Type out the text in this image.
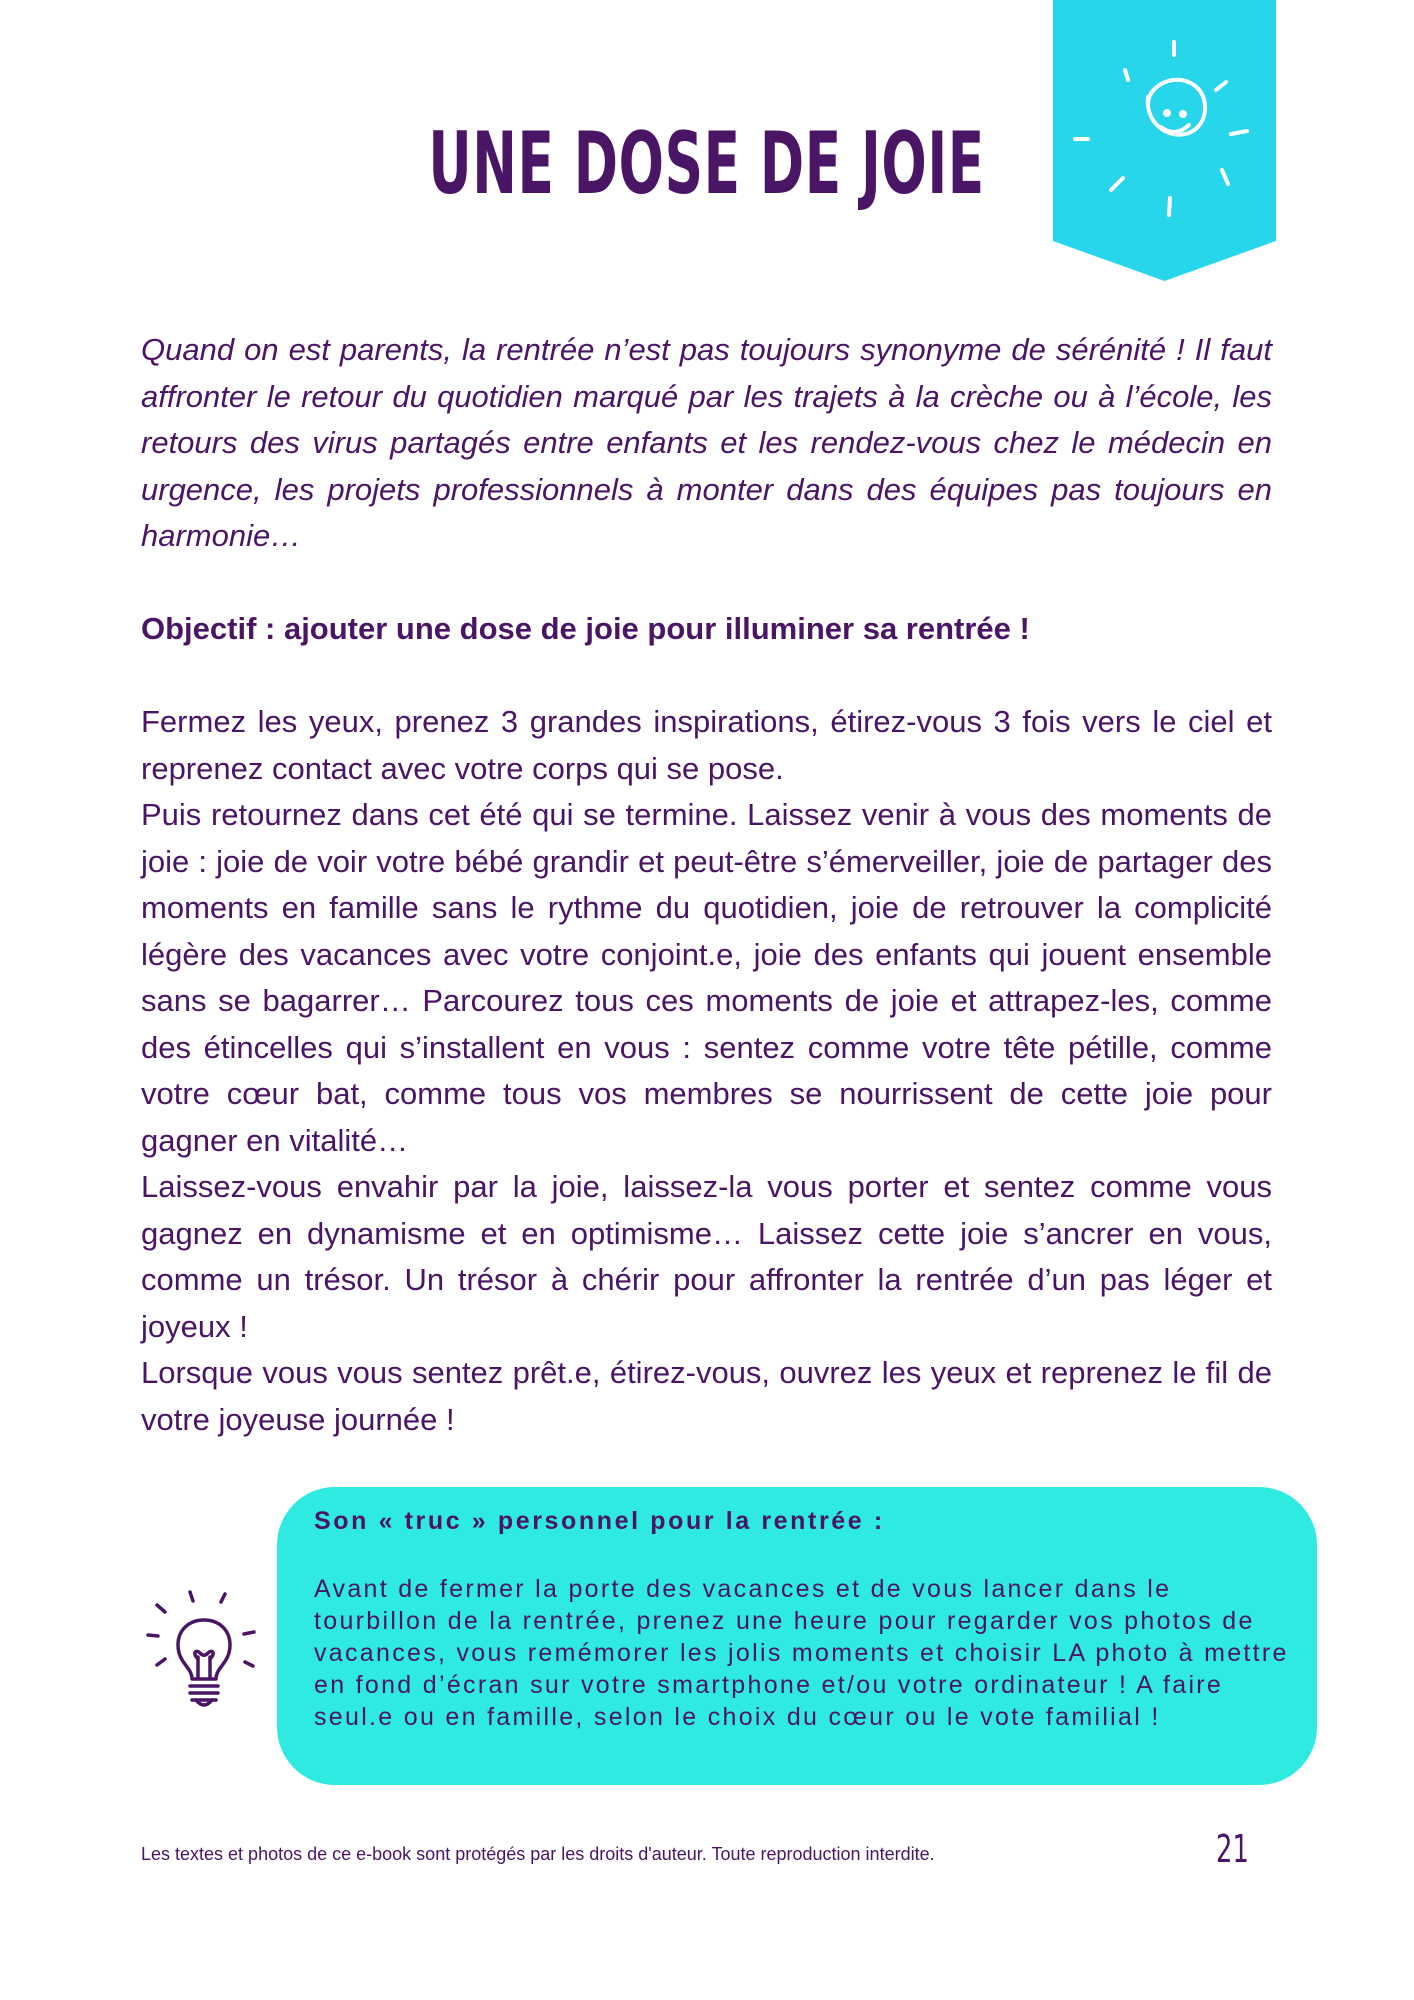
UNE DOSE DE JOIE

Quand on est parents, la rentrée n’est pas toujours synonyme de sérénité ! Il faut affronter le retour du quotidien marqué par les trajets à la crèche ou à l’école, les retours des virus partagés entre enfants et les rendez-vous chez le médecin en urgence, les projets professionnels à monter dans des équipes pas toujours en harmonie…

Objectif : ajouter une dose de joie pour illuminer sa rentrée !

Fermez les yeux, prenez 3 grandes inspirations, étirez-vous 3 fois vers le ciel et reprenez contact avec votre corps qui se pose.

Puis retournez dans cet été qui se termine. Laissez venir à vous des moments de joie : joie de voir votre bébé grandir et peut-être s’émerveiller, joie de partager des moments en famille sans le rythme du quotidien, joie de retrouver la complicité légère des vacances avec votre conjoint.e, joie des enfants qui jouent ensemble sans se bagarrer… Parcourez tous ces moments de joie et attrapez-les, comme des étincelles qui s’installent en vous : sentez comme votre tête pétille, comme votre cœur bat, comme tous vos membres se nourrissent de cette joie pour gagner en vitalité…

Laissez-vous envahir par la joie, laissez-la vous porter et sentez comme vous gagnez en dynamisme et en optimisme… Laissez cette joie s’ancrer en vous, comme un trésor. Un trésor à chérir pour affronter la rentrée d’un pas léger et joyeux !

Lorsque vous vous sentez prêt.e, étirez-vous, ouvrez les yeux et reprenez le fil de votre joyeuse journée !

Son « truc » personnel pour la rentrée :

Avant de fermer la porte des vacances et de vous lancer dans le tourbillon de la rentrée, prenez une heure pour regarder vos photos de vacances, vous remémorer les jolis moments et choisir LA photo à mettre en fond d’écran sur votre smartphone et/ou votre ordinateur ! A faire seul.e ou en famille, selon le choix du cœur ou le vote familial !

Les textes et photos de ce e-book sont protégés par les droits d'auteur. Toute reproduction interdite.	21
